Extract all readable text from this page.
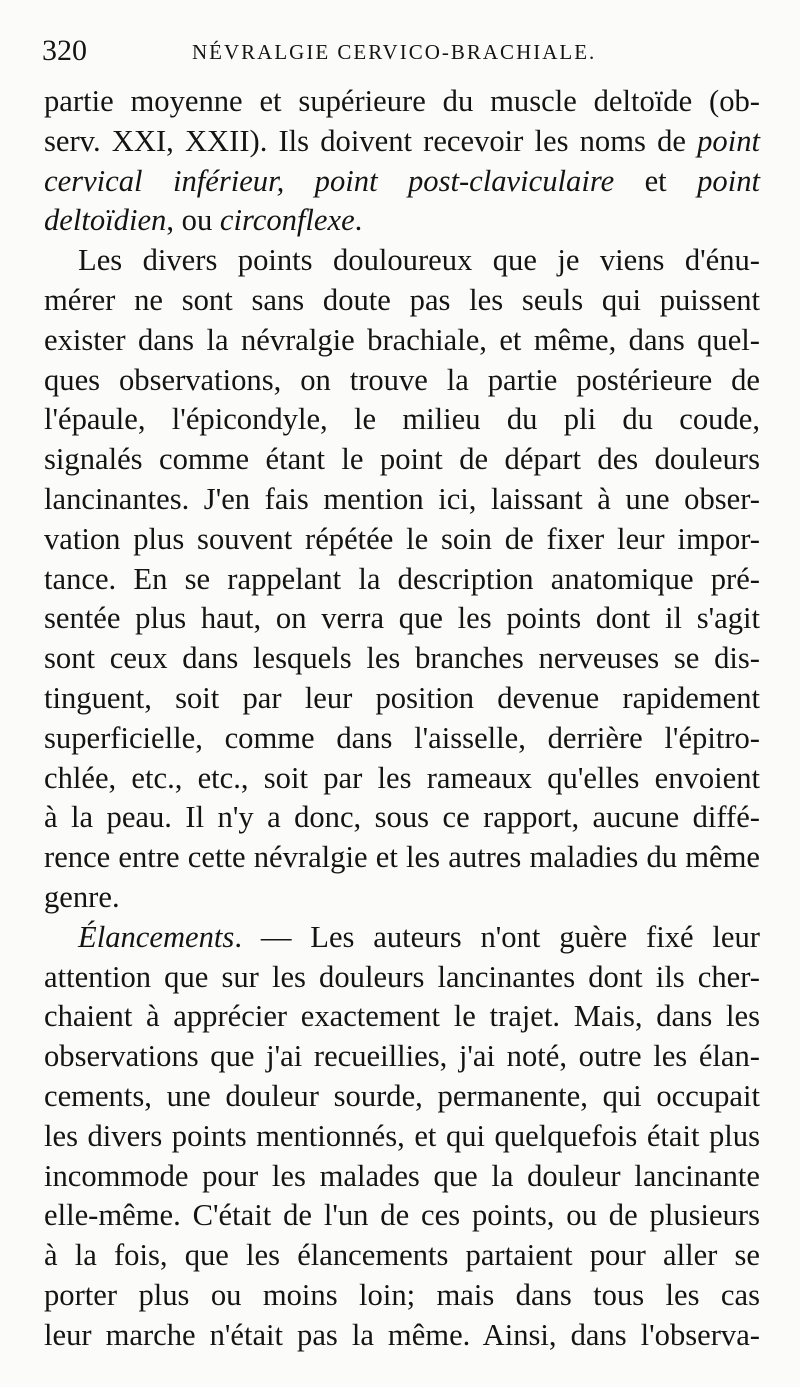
320	NÉVRALGIE CERVICO-BRACHIALE.
partie moyenne et supérieure du muscle deltoïde (ob-
serv. XXI, XXII). Ils doivent recevoir les noms de point
cervical inférieur, point post-claviculaire et point
deltoïdien, ou circonflexe.
Les divers points douloureux que je viens d'énu-
mérer ne sont sans doute pas les seuls qui puissent
exister dans la névralgie brachiale, et même, dans quel-
ques observations, on trouve la partie postérieure de
l'épaule, l'épicondyle, le milieu du pli du coude,
signalés comme étant le point de départ des douleurs
lancinantes. J'en fais mention ici, laissant à une obser-
vation plus souvent répétée le soin de fixer leur impor-
tance. En se rappelant la description anatomique pré-
sentée plus haut, on verra que les points dont il s'agit
sont ceux dans lesquels les branches nerveuses se dis-
tinguent, soit par leur position devenue rapidement
superficielle, comme dans l'aisselle, derrière l'épitro-
chlée, etc., etc., soit par les rameaux qu'elles envoient
à la peau. Il n'y a donc, sous ce rapport, aucune diffé-
rence entre cette névralgie et les autres maladies du même
genre.
Élancements. — Les auteurs n'ont guère fixé leur
attention que sur les douleurs lancinantes dont ils cher-
chaient à apprécier exactement le trajet. Mais, dans les
observations que j'ai recueillies, j'ai noté, outre les élan-
cements, une douleur sourde, permanente, qui occupait
les divers points mentionnés, et qui quelquefois était plus
incommode pour les malades que la douleur lancinante
elle-même. C'était de l'un de ces points, ou de plusieurs
à la fois, que les élancements partaient pour aller se
porter plus ou moins loin; mais dans tous les cas
leur marche n'était pas la même. Ainsi, dans l'observa-
